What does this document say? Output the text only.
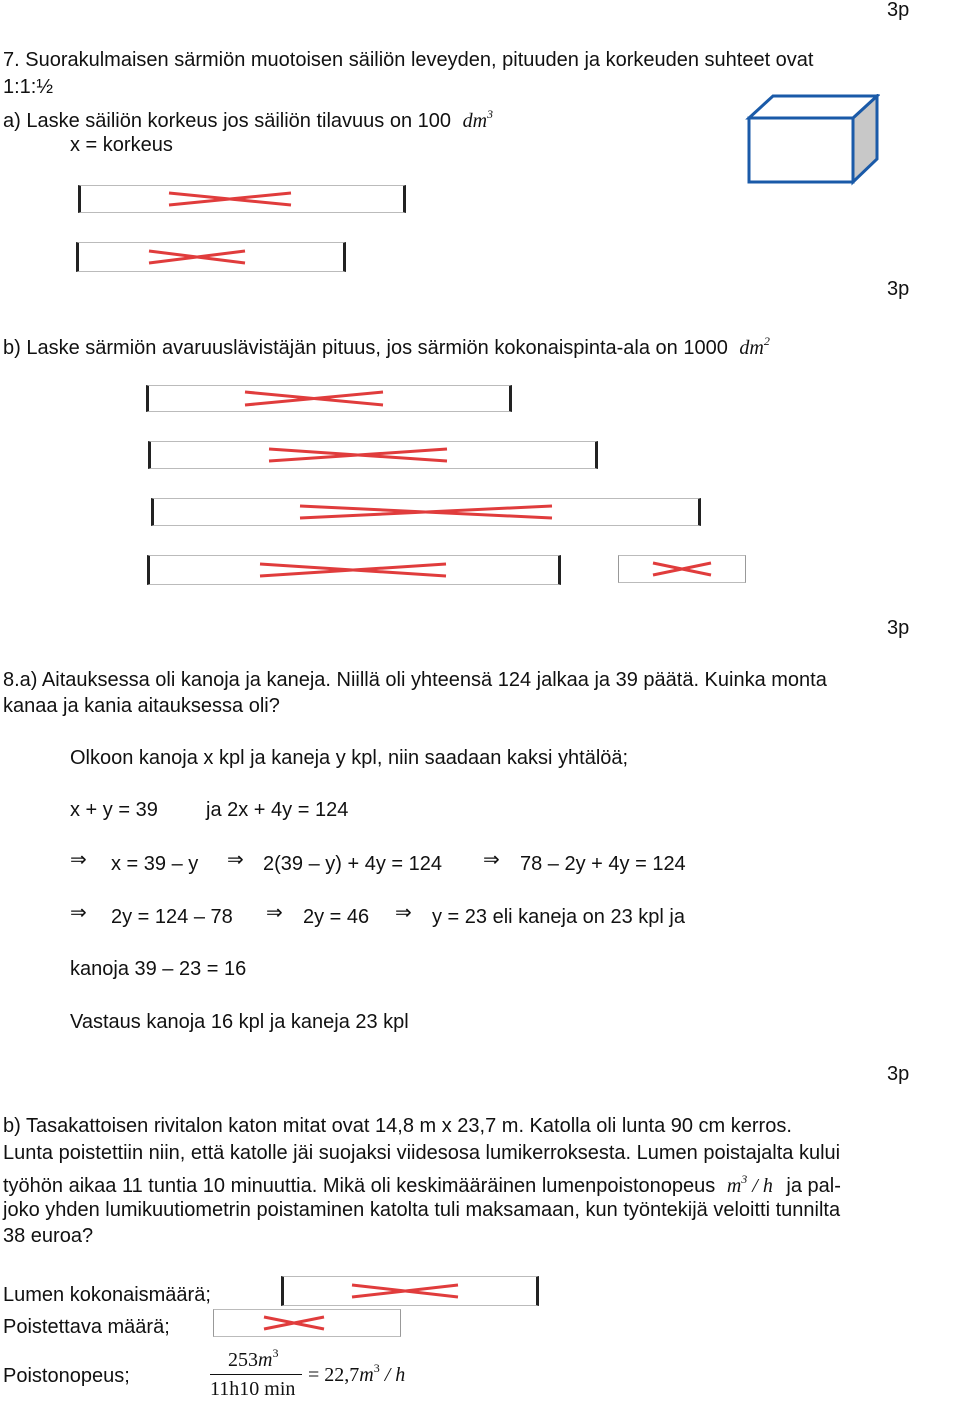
3p
3p
3p
3p
7. Suorakulmaisen särmiön muotoisen säiliön leveyden, pituuden ja korkeuden suhteet ovat
1:1:½
a) Laske säiliön korkeus jos säiliön tilavuus on 100 $dm^3$
x = korkeus
b) Laske särmiön avaruuslävistäjän pituus, jos särmiön kokonaispinta-ala on 1000 $dm^2$
8.a) Aitauksessa oli kanoja ja kaneja. Niillä oli yhteensä 124 jalkaa ja 39 päätä. Kuinka monta
kanaa ja kania aitauksessa oli?
Olkoon kanoja x kpl ja kaneja y kpl, niin saadaan kaksi yhtälöä;
x + y = 39 ja 2x + 4y = 124
⇒ x = 39 – y ⇒ 2(39 – y) + 4y = 124 ⇒ 78 – 2y + 4y = 124
⇒ 2y = 124 – 78 ⇒ 2y = 46 ⇒ y = 23 eli kaneja on 23 kpl ja
kanoja 39 – 23 = 16
Vastaus kanoja 16 kpl ja kaneja 23 kpl
b) Tasakattoisen rivitalon katon mitat ovat 14,8 m x 23,7 m. Katolla oli lunta 90 cm kerros.
Lunta poistettiin niin, että katolle jäi suojaksi viidesosa lumikerroksesta. Lumen poistajalta kului
työhön aikaa 11 tuntia 10 minuuttia. Mikä oli keskimääräinen lumenpoistonopeus $m^3$ / h ja pal-
joko yhden lumikuutiometrin poistaminen katolta tuli maksamaan, kun työntekijä veloitti tunnilta
38 euroa?
Lumen kokonaismäärä;
Poistettava määrä;
Poistonopeus;
$253m^3$
11h10 min
= $22,7m^3$ / h
